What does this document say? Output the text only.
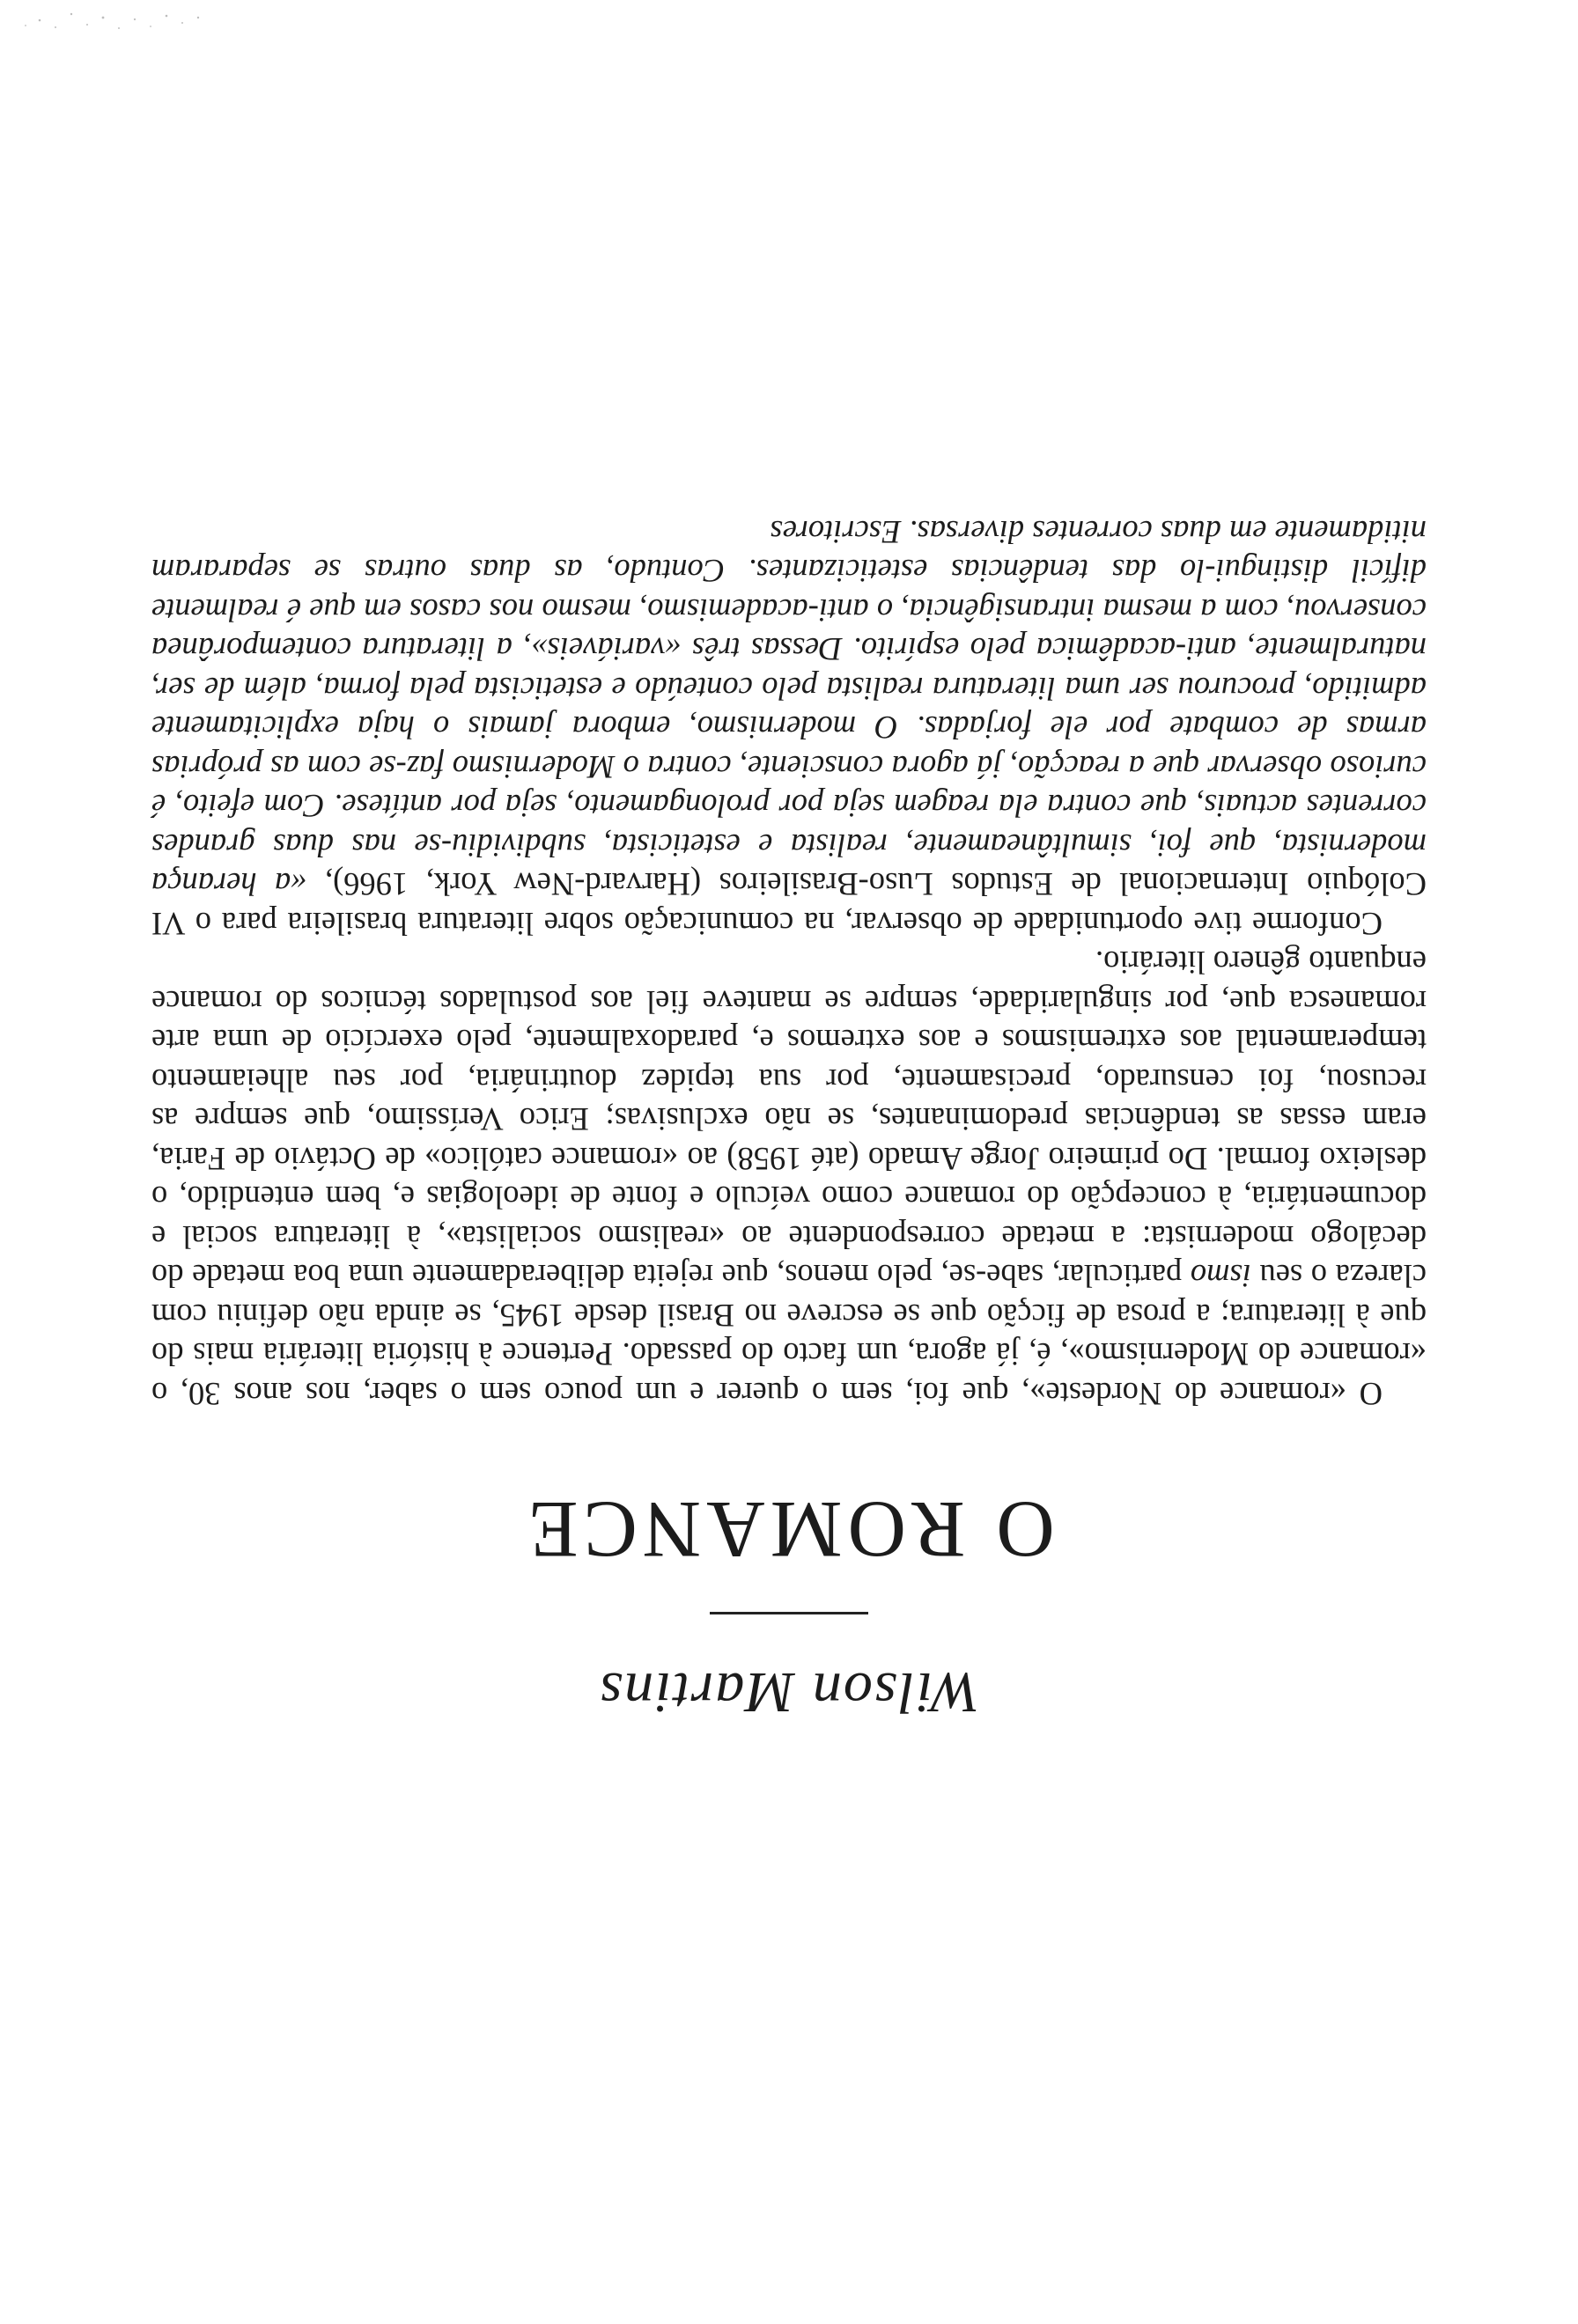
Wilson Martins

O ROMANCE

O «romance do Nordeste», que foi, sem o querer e um pouco sem o saber, nos anos 30, o «romance do Modernismo», é, já agora, um facto do passado. Pertence à história literária mais do que à literatura; a prosa de ficção que se escreve no Brasil desde 1945, se ainda não definiu com clareza o seu ismo particular, sabe-se, pelo menos, que rejeita deliberadamente uma boa metade do decálogo modernista: a metade correspondente ao «realismo socialista», à literatura social e documentária, à concepção do romance como veículo e fonte de ideologias e, bem entendido, o desleixo formal. Do primeiro Jorge Amado (até 1958) ao «romance católico» de Octávio de Faria, eram essas as tendências predominantes, se não exclusivas; Erico Veríssimo, que sempre as recusou, foi censurado, precisamente, por sua tepidez doutrinária, por seu alheiamento temperamental aos extremismos e aos extremos e, paradoxalmente, pelo exercício de uma arte romanesca que, por singularidade, sempre se manteve fiel aos postulados técnicos do romance enquanto gênero literário.

Conforme tive oportunidade de observar, na comunicação sobre literatura brasileira para o VI Colóquio Internacional de Estudos Luso-Brasileiros (Harvard-New York, 1966), «a herança modernista, que foi, simultâneamente, realista e esteticista, subdividiu-se nas duas grandes correntes actuais, que contra ela reagem seja por prolongamento, seja por antítese. Com efeito, é curioso observar que a reacção, já agora consciente, contra o Modernismo faz-se com as próprias armas de combate por ele forjadas. O modernismo, embora jamais o haja explicitamente admitido, procurou ser uma literatura realista pelo conteúdo e esteticista pela forma, além de ser, naturalmente, anti-acadêmica pelo espírito. Dessas três «variáveis», a literatura contemporânea conservou, com a mesma intransigência, o anti-academismo, mesmo nos casos em que é realmente difícil distingui-lo das tendências esteticizantes. Contudo, as duas outras se separaram nitidamente em duas correntes diversas. Escritores
